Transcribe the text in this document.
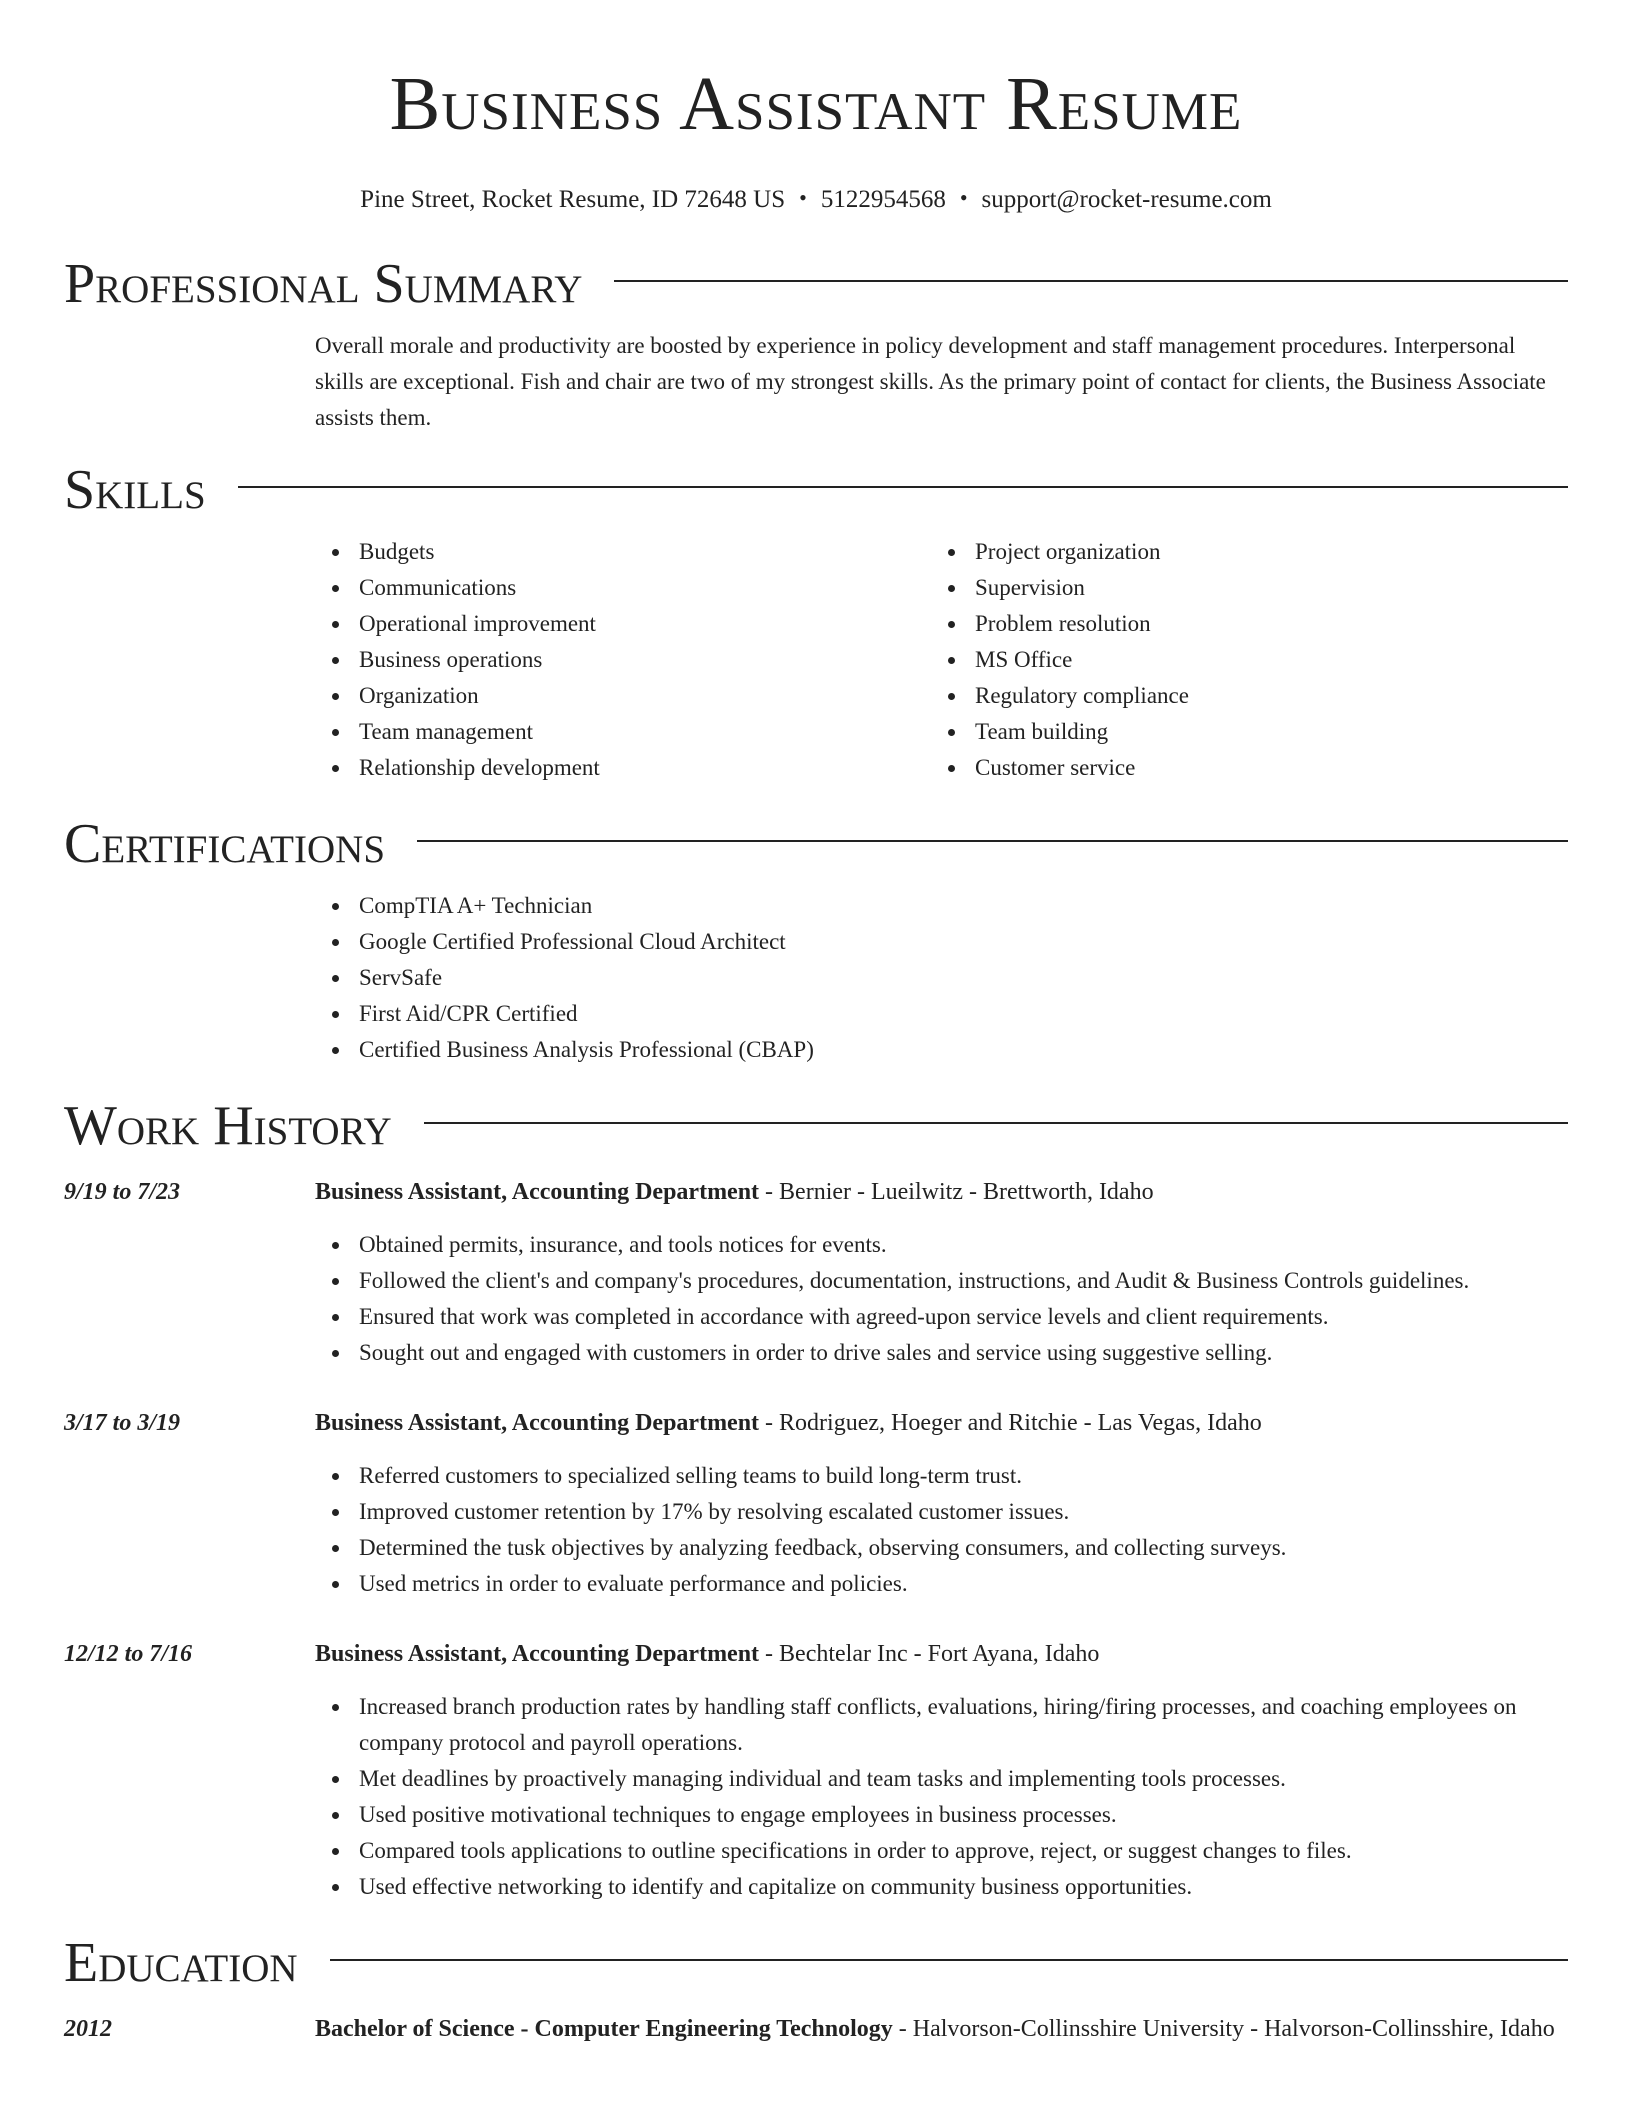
Business Assistant Resume
Pine Street, Rocket Resume, ID 72648 US • 5122954568 • support@rocket-resume.com
Professional Summary

Overall morale and productivity are boosted by experience in policy development and staff management procedures. Interpersonal skills are exceptional. Fish and chair are two of my strongest skills. As the primary point of contact for clients, the Business Associate assists them.

Skills
Budgets
Communications
Operational improvement
Business operations
Organization
Team management
Relationship development
Project organization
Supervision
Problem resolution
MS Office
Regulatory compliance
Team building
Customer service
Certifications
CompTIA A+ Technician
Google Certified Professional Cloud Architect
ServSafe
First Aid/CPR Certified
Certified Business Analysis Professional (CBAP)
Work History
9/19 to 7/23	Business Assistant, Accounting Department - Bernier - Lueilwitz - Brettworth, Idaho
Obtained permits, insurance, and tools notices for events.
Followed the client's and company's procedures, documentation, instructions, and Audit & Business Controls guidelines.
Ensured that work was completed in accordance with agreed-upon service levels and client requirements.
Sought out and engaged with customers in order to drive sales and service using suggestive selling.
3/17 to 3/19	Business Assistant, Accounting Department - Rodriguez, Hoeger and Ritchie - Las Vegas, Idaho
Referred customers to specialized selling teams to build long-term trust.
Improved customer retention by 17% by resolving escalated customer issues.
Determined the tusk objectives by analyzing feedback, observing consumers, and collecting surveys.
Used metrics in order to evaluate performance and policies.
12/12 to 7/16	Business Assistant, Accounting Department - Bechtelar Inc - Fort Ayana, Idaho
Increased branch production rates by handling staff conflicts, evaluations, hiring/firing processes, and coaching employees on company protocol and payroll operations.
Met deadlines by proactively managing individual and team tasks and implementing tools processes.
Used positive motivational techniques to engage employees in business processes.
Compared tools applications to outline specifications in order to approve, reject, or suggest changes to files.
Used effective networking to identify and capitalize on community business opportunities.
Education
2012	Bachelor of Science - Computer Engineering Technology - Halvorson-Collinsshire University - Halvorson-Collinsshire, Idaho
